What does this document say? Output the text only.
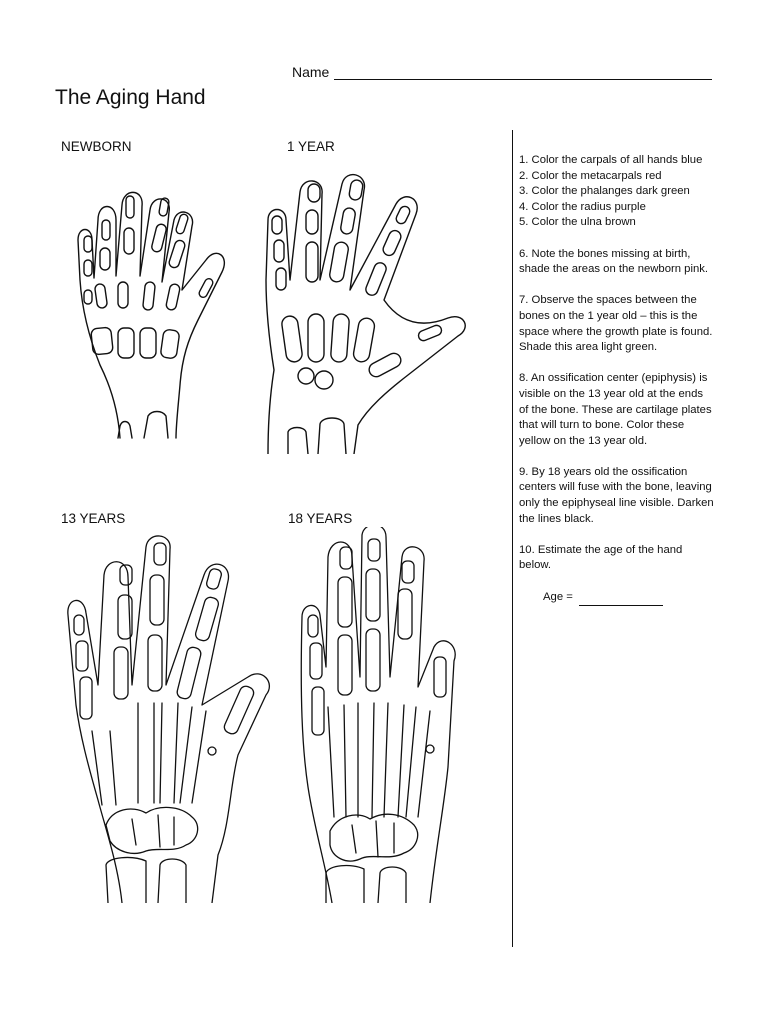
Name
The Aging Hand
NEWBORN	1 YEAR
13 YEARS	18 YEARS

1. Color the carpals of all hands blue

2. Color the metacarpals red

3. Color the phalanges dark green

4. Color the radius purple

5. Color the ulna brown

6. Note the bones missing at birth, shade the areas on the newborn pink.

7. Observe the spaces between the bones on the 1 year old – this is the space where the growth plate is found. Shade this area light green.

8. An ossification center (epiphysis) is visible on the 13 year old at the ends of the bone. These are cartilage plates that will turn to bone. Color these yellow on the 13 year old.

9. By 18 years old the ossification centers will fuse with the bone, leaving only the epiphyseal line visible. Darken the lines black.

10. Estimate the age of the hand below.

Age =
